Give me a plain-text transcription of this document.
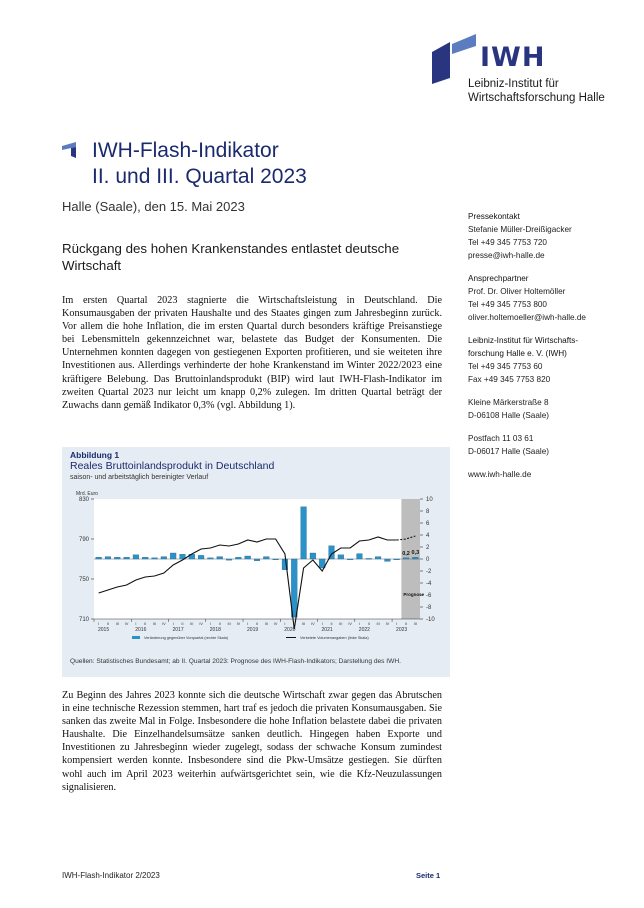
IWH
Leibniz-Institut für
Wirtschaftsforschung Halle
IWH-Flash-Indikator
II. und III. Quartal 2023
Halle (Saale), den 15. Mai 2023
Rückgang des hohen Krankenstandes entlastet deutsche Wirtschaft
Pressekontakt
Stefanie Müller-Dreißigacker
Tel +49 345 7753 720
presse@iwh-halle.de
Ansprechpartner
Prof. Dr. Oliver Holtemöller
Tel +49 345 7753 800
oliver.holtemoeller@iwh-halle.de
Leibniz-Institut für Wirtschafts-
forschung Halle e. V. (IWH)
Tel +49 345 7753 60
Fax +49 345 7753 820
Kleine Märkerstraße 8
D-06108 Halle (Saale)
Postfach 11 03 61
D-06017 Halle (Saale)
www.iwh-halle.de
Im ersten Quartal 2023 stagnierte die Wirtschaftsleistung in Deutschland. Die Konsumausgaben der privaten Haushalte und des Staates gingen zum Jahresbeginn zurück. Vor allem die hohe Inflation, die im ersten Quartal durch besonders kräftige Preisanstiege bei Lebensmitteln gekennzeichnet war, belastete das Budget der Konsumenten. Die Unternehmen konnten dagegen von gestiegenen Exporten profitieren, und sie weiteten ihre Investitionen aus. Allerdings verhinderte der hohe Krankenstand im Winter 2022/2023 eine kräftigere Belebung. Das Bruttoinlandsprodukt (BIP) wird laut IWH-Flash-Indikator im zweiten Quartal 2023 nur leicht um knapp 0,2% zulegen. Im dritten Quartal beträgt der Zuwachs dann gemäß Indikator 0,3% (vgl. Abbildung 1).
710
750
790
830
Mrd. Euro
-10
-8
-6
-4
-2
0
2
4
6
8
10
0,2 0,3
Prognose
I II III IV I II III IV I II III IV I II III IV I II III IV I II III IV I II III IV I II III IV I II III
2015	2016	2017	2018	2019	2020	2021	2022	2023
Veränderung gegenüber Vorquartal (rechte Skala)	Verketete Volumenangaben (linke Skala)
Abbildung 1
Reales Bruttoinlandsprodukt in Deutschland
saison- und arbeitstäglich bereinigter Verlauf
Quellen: Statistisches Bundesamt; ab II. Quartal 2023: Prognose des IWH-Flash-Indikators; Darstellung des IWH.
Zu Beginn des Jahres 2023 konnte sich die deutsche Wirtschaft zwar gegen das Abrutschen in eine technische Rezession stemmen, hart traf es jedoch die privaten Konsumausgaben. Sie sanken das zweite Mal in Folge. Insbesondere die hohe Inflation belastete dabei die privaten Haushalte. Die Einzelhandelsumsätze sanken deutlich. Hingegen haben Exporte und Investitionen zu Jahresbeginn wieder zugelegt, sodass der schwache Konsum zumindest kompensiert werden konnte. Insbesondere sind die Pkw-Umsätze gestiegen. Sie dürften wohl auch im April 2023 weiterhin aufwärtsgerichtet sein, wie die Kfz-Neuzulassungen signalisieren.
IWH-Flash-Indikator 2/2023	Seite 1
